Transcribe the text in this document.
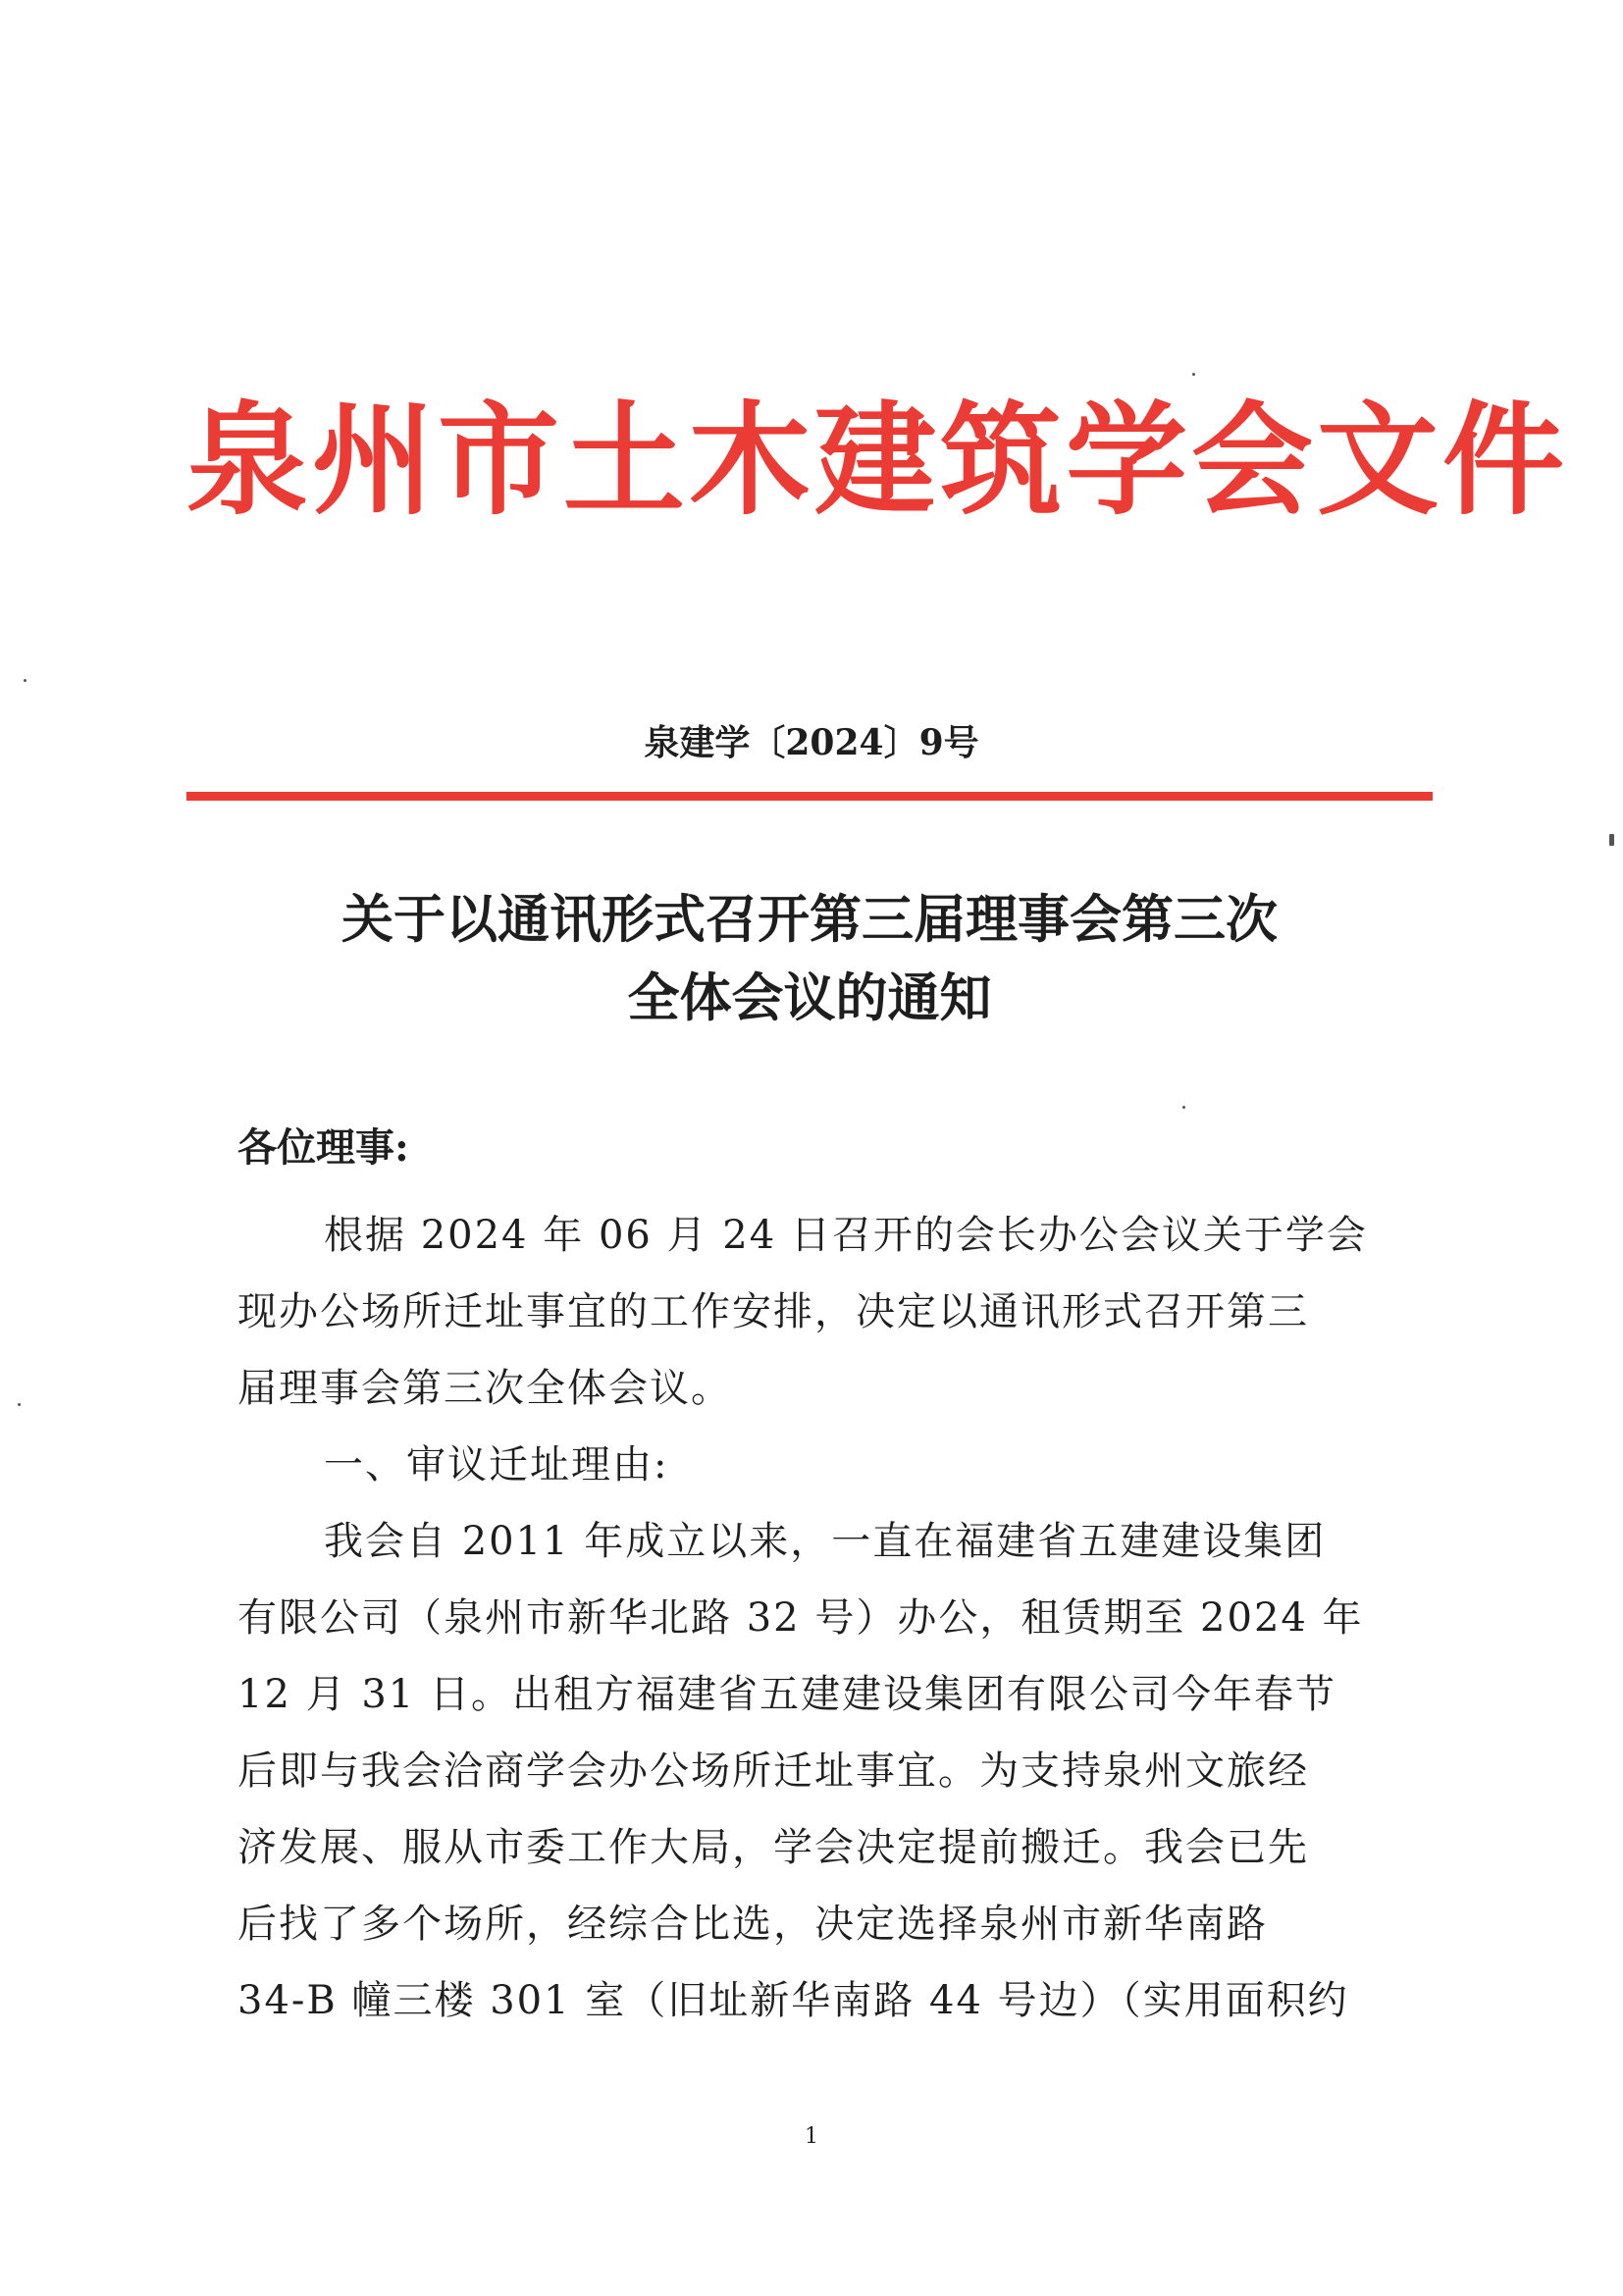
泉州市土木建筑学会文件
泉建学〔2024〕9号
关于以通讯形式召开第三届理事会第三次
全体会议的通知
各位理事:
根据 2024 年 06 月 24 日召开的会长办公会议关于学会
现办公场所迁址事宜的工作安排，决定以通讯形式召开第三
届理事会第三次全体会议。
一、审议迁址理由:
我会自 2011 年成立以来，一直在福建省五建建设集团
有限公司（泉州市新华北路 32 号）办公，租赁期至 2024 年
12 月 31 日。出租方福建省五建建设集团有限公司今年春节
后即与我会洽商学会办公场所迁址事宜。为支持泉州文旅经
济发展、服从市委工作大局，学会决定提前搬迁。我会已先
后找了多个场所，经综合比选，决定选择泉州市新华南路
34-B 幢三楼 301 室（旧址新华南路 44 号边）（实用面积约
1
